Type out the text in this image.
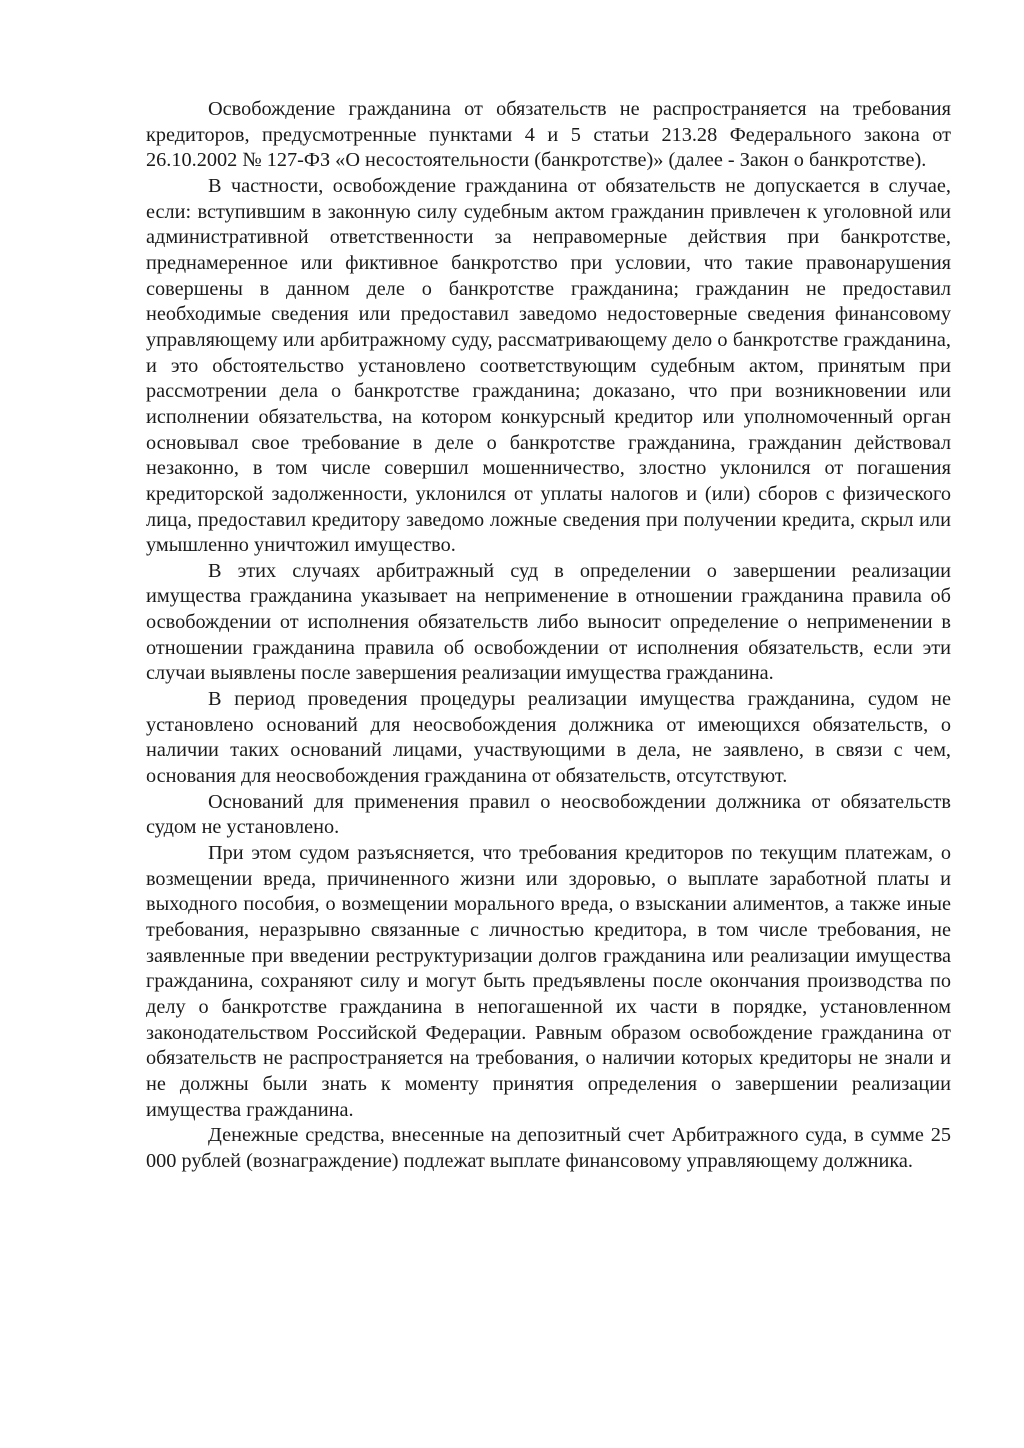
Освобождение гражданина от обязательств не распространяется на требования кредиторов, предусмотренные пунктами 4 и 5 статьи 213.28 Федерального закона от 26.10.2002 № 127-ФЗ «О несостоятельности (банкротстве)» (далее - Закон о банкротстве).

В частности, освобождение гражданина от обязательств не допускается в случае, если: вступившим в законную силу судебным актом гражданин привлечен к уголовной или административной ответственности за неправомерные действия при банкротстве, преднамеренное или фиктивное банкротство при условии, что такие правонарушения совершены в данном деле о банкротстве гражданина; гражданин не предоставил необходимые сведения или предоставил заведомо недостоверные сведения финансовому управляющему или арбитражному суду, рассматривающему дело о банкротстве гражданина, и это обстоятельство установлено соответствующим судебным актом, принятым при рассмотрении дела о банкротстве гражданина; доказано, что при возникновении или исполнении обязательства, на котором конкурсный кредитор или уполномоченный орган основывал свое требование в деле о банкротстве гражданина, гражданин действовал незаконно, в том числе совершил мошенничество, злостно уклонился от погашения кредиторской задолженности, уклонился от уплаты налогов и (или) сборов с физического лица, предоставил кредитору заведомо ложные сведения при получении кредита, скрыл или умышленно уничтожил имущество.

В этих случаях арбитражный суд в определении о завершении реализации имущества гражданина указывает на неприменение в отношении гражданина правила об освобождении от исполнения обязательств либо выносит определение о неприменении в отношении гражданина правила об освобождении от исполнения обязательств, если эти случаи выявлены после завершения реализации имущества гражданина.

В период проведения процедуры реализации имущества гражданина, судом не установлено оснований для неосвобождения должника от имеющихся обязательств, о наличии таких оснований лицами, участвующими в дела, не заявлено, в связи с чем, основания для неосвобождения гражданина от обязательств, отсутствуют.

Оснований для применения правил о неосвобождении должника от обязательств судом не установлено.

При этом судом разъясняется, что требования кредиторов по текущим платежам, о возмещении вреда, причиненного жизни или здоровью, о выплате заработной платы и выходного пособия, о возмещении морального вреда, о взыскании алиментов, а также иные требования, неразрывно связанные с личностью кредитора, в том числе требования, не заявленные при введении реструктуризации долгов гражданина или реализации имущества гражданина, сохраняют силу и могут быть предъявлены после окончания производства по делу о банкротстве гражданина в непогашенной их части в порядке, установленном законодательством Российской Федерации. Равным образом освобождение гражданина от обязательств не распространяется на требования, о наличии которых кредиторы не знали и не должны были знать к моменту принятия определения о завершении реализации имущества гражданина.

Денежные средства, внесенные на депозитный счет Арбитражного суда, в сумме 25 000 рублей (вознаграждение) подлежат выплате финансовому управляющему должника.
